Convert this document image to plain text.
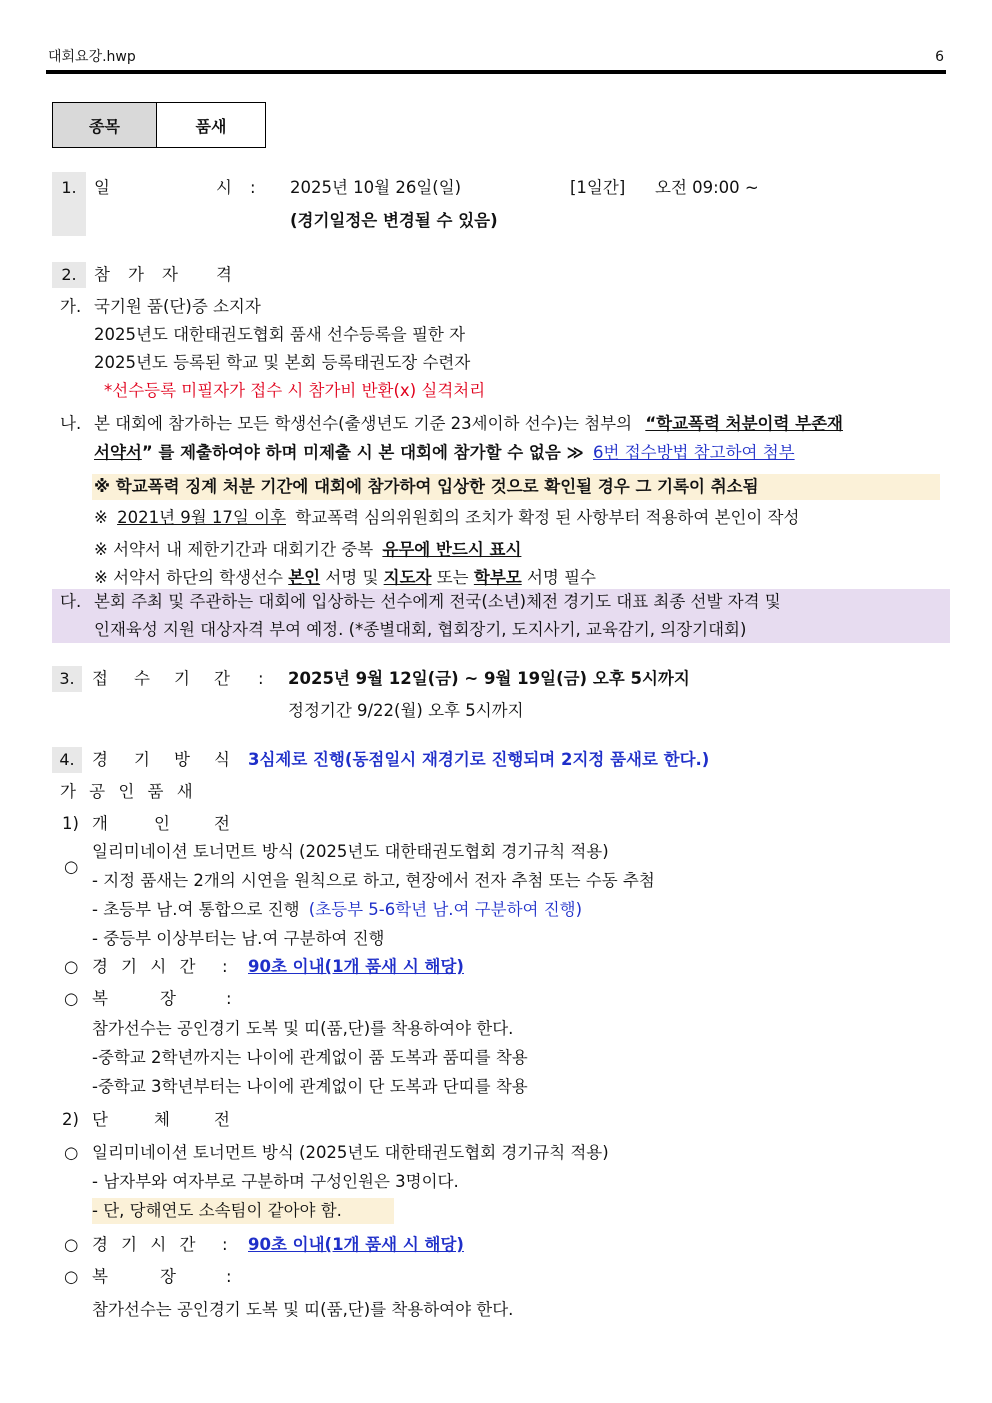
대회요강.hwp	6
종목	품새
1.	일	시 : 2025년 10월 26일(일)	[1일간] 오전 09:00 ~
(경기일정은 변경될 수 있음)
2.	참 가 자 격
가. 국기원 품(단)증 소지자
2025년도 대한태권도협회 품새 선수등록을 필한 자
2025년도 등록된 학교 및 본회 등록태권도장 수련자
*선수등록 미필자가 접수 시 참가비 반환(x) 실격처리
나. 본 대회에 참가하는 모든 학생선수(출생년도 기준 23세이하 선수)는 첨부의 “학교폭력 처분이력 부존재
서약서” 를 제출하여야 하며 미제출 시 본 대회에 참가할 수 없음 ≫ 6번 접수방법 참고하여 첨부
※ 학교폭력 징계 처분 기간에 대회에 참가하여 입상한 것으로 확인될 경우 그 기록이 취소됨
※ 2021년 9월 17일 이후 학교폭력 심의위원회의 조치가 확정 된 사항부터 적용하여 본인이 작성
※ 서약서 내 제한기간과 대회기간 중복 유무에 반드시 표시
※ 서약서 하단의 학생선수 본인 서명 및 지도자 또는 학부모 서명 필수
다. 본회 주최 및 주관하는 대회에 입상하는 선수에게 전국(소년)체전 경기도 대표 최종 선발 자격 및
인재육성 지원 대상자격 부여 예정. (*종별대회, 협회장기, 도지사기, 교육감기, 의장기대회)
3.	접 수 기 간 : 2025년 9월 12일(금) ~ 9월 19일(금) 오후 5시까지
정정기간 9/22(월) 오후 5시까지
4.	경 기 방 식 3심제로 진행(동점일시 재경기로 진행되며 2지정 품새로 한다.)
가 공 인 품 새
1) 개	인	전
○
일리미네이션 토너먼트 방식 (2025년도 대한태권도협회 경기규칙 적용)
- 지정 품새는 2개의 시연을 원칙으로 하고, 현장에서 전자 추첨 또는 수동 추첨
- 초등부 남.여 통합으로 진행 (초등부 5-6학년 남.여 구분하여 진행)
- 중등부 이상부터는 남.여 구분하여 진행
○ 경 기 시 간 : 90초 이내(1개 품새 시 해당)
○ 복	장	:
참가선수는 공인경기 도복 및 띠(품,단)를 착용하여야 한다.
-중학교 2학년까지는 나이에 관계없이 품 도복과 품띠를 착용
-중학교 3학년부터는 나이에 관계없이 단 도복과 단띠를 착용
2) 단	체	전
○ 일리미네이션 토너먼트 방식 (2025년도 대한태권도협회 경기규칙 적용)
- 남자부와 여자부로 구분하며 구성인원은 3명이다.
- 단, 당해연도 소속팀이 같아야 함.
○ 경 기 시 간 : 90초 이내(1개 품새 시 해당)
○ 복	장	:
참가선수는 공인경기 도복 및 띠(품,단)를 착용하여야 한다.
